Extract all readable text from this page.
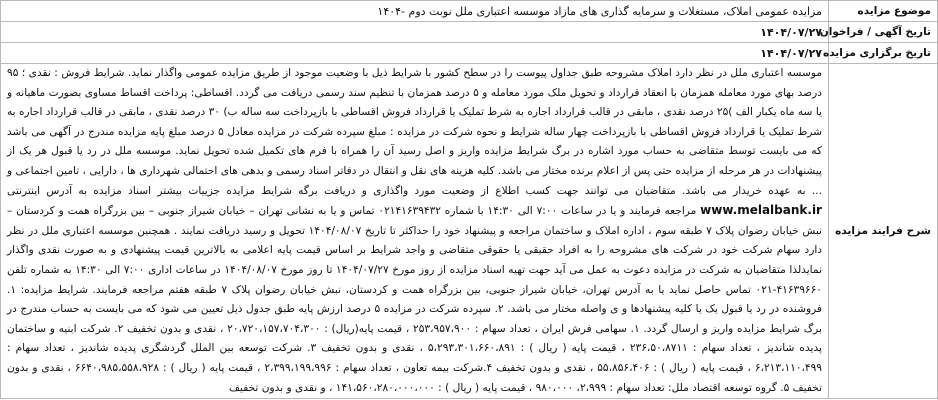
موضوع مزایده	مزایده عمومی املاک، مستغلات و سرمایه گذاری های مازاد موسسه اعتباری ملل نوبت دوم -۱۴۰۴
تاریخ آگهی / فراخوان	۱۴۰۴/۰۷/۲۷
تاریخ برگزاری مزایده	۱۴۰۴/۰۷/۲۷
شرح فرایند مزایده	موسسه اعتباری ملل در نظر دارد املاک مشروحه طبق جداول پیوست را در سطح کشور با شرایط ذیل با وضعیت موجود از طریق مزایده عمومی واگذار نماید. شرایط فروش : نقدی ؛ ۹۵ درصد بهای مورد معامله همزمان با انعقاد قرارداد و تحویل ملک مورد معامله و ۵ درصد همزمان با تنظیم سند رسمی دریافت می گردد. اقساطی: پرداخت اقساط مساوی بصورت ماهیانه و یا سه ماه یکبار الف )۲۵ درصد نقدی ، مابقی در قالب قرارداد اجاره به شرط تملیک یا قرارداد فروش اقساطی با بازپرداخت سه ساله ب) ۳۰ درصد نقدی ، مابقی در قالب قرارداد اجاره به شرط تملیک یا قرارداد فروش اقساطی با بازپرداخت چهار ساله شرایط و نحوه شرکت در مزایده : مبلغ سپرده شرکت در مزایده معادل ۵ درصد مبلغ پایه مزایده مندرج در آگهی می باشد که می بایست توسط متقاضی به حساب مورد اشاره در برگ شرایط مزایده واریز و اصل رسید آن را همراه با فرم های تکمیل شده تحویل نماید. موسسه ملل در رد یا قبول هر یک از پیشنهادات در هر مرحله از مزایده حتی پس از اعلام برنده مختار می باشد. کلیه هزینه های نقل و انتقال در دفاتر اسناد رسمی و بدهی های احتمالی شهرداری ها ، دارایی ، تامین اجتماعی و ... به عهده خریدار می باشد. متقاضیان می توانند جهت کسب اطلاع از وضعیت مورد واگذاری و دریافت برگه شرایط مزایده جزییات بیشتر اسناد مزایده به آدرس اینترنتی www.melalbank.ir مراجعه فرمایند و یا در ساعات ۷:۰۰ الی ۱۴:۳۰ با شماره ۰۲۱۴۱۶۳۹۴۳۲ تماس و یا به نشانی تهران – خیابان شیراز جنوبی – بین بزرگراه همت و کردستان – نبش خیابان رضوان پلاک ۷ طبقه سوم ، اداره املاک و ساختمان مراجعه و پیشنهاد خود را حداکثر تا تاریخ ۱۴۰۴/۰۸/۰۷ تحویل و رسید دریافت نمایند . همچنین موسسه اعتباری ملل در نظر دارد سهام شرکت خود در شرکت های مشروحه را به افراد حقیقی یا حقوقی متقاضی و واجد شرایط بر اساس قیمت پایه اعلامی به بالاترین قیمت پیشنهادی و به صورت نقدی واگذار نمایدلذا متقاضیان به شرکت در مزایده دعوت به عمل می آید جهت تهیه اسناد مزایده از روز مورخ ۱۴۰۴/۰۷/۲۷ تا روز مورخ ۱۴۰۴/۰۸/۰۷ در ساعات اداری ۷:۰۰ الی ۱۴:۳۰ به شماره تلفن ۴۱۶۳۹۶۶۰-۰۲۱ تماس حاصل نماید یا به آدرس تهران، خیابان شیراز جنوبی، بین بزرگراه همت و کردستان، نبش خیابان رضوان پلاک ۷ طبقه هفتم مراجعه فرمایند. شرایط مزایده: ۱. فروشنده در رد یا قبول یک یا کلیه پیشنهادها و ی واصله مختار می باشد. ۲. سپرده شرکت در مزایده ۵ درصد ارزش پایه طبق جدول ذیل تعیین می شود که می بایست به حساب مندرج در برگ شرایط مزایده واریز و ارسال گردد. ۱. سهامی فرش ایران ، تعداد سهام : ۲۵۳،۹۵۷،۹۰۰ ، قیمت پایه(ریال) : ۲۰،۷۲۰،۱۵۷،۷۰۴،۳۰۰ ، نقدی و بدون تخفیف ۲. شرکت ابنیه و ساختمان پدیده شاندیز ، تعداد سهام : ۲۳۶،۵۰،۸۷۱۱ ، قیمت پایه ( ریال ) : ۵،۲۹۳،۳۰۱،۶۶۰،۸۹۱ ، نقدی و بدون تخفیف ۳. شرکت توسعه بین الملل گردشگری پدیده شاندیز ، تعداد سهام : ۶،۲۱۳،۱۱۰،۴۹۹ ، قیمت پایه ( ریال ) : ۵۵،۸۵۶،۴۰۶ ، نقدی و بدون تخفیف ۴.شرکت بیمه تعاون ، تعداد سهام : ۲،۳۹۹،۱۹۹،۹۹۶ ، قیمت پایه ( ریال ) : ۶۶۴۰،۹۸۵،۵۵۸،۹۲۸ ، نقدی و بدون تخفیف ۵. گروه توسعه اقتصاد ملل: تعداد سهام : ۲،۹۹۹، ۹۸۰،۰۰۰ ، قیمت پایه ( ریال ) : ۱۴۱،۵۶۰،۲۸۰،۰۰۰،۰۰۰ ، و نقدی و بدون تخفیف
